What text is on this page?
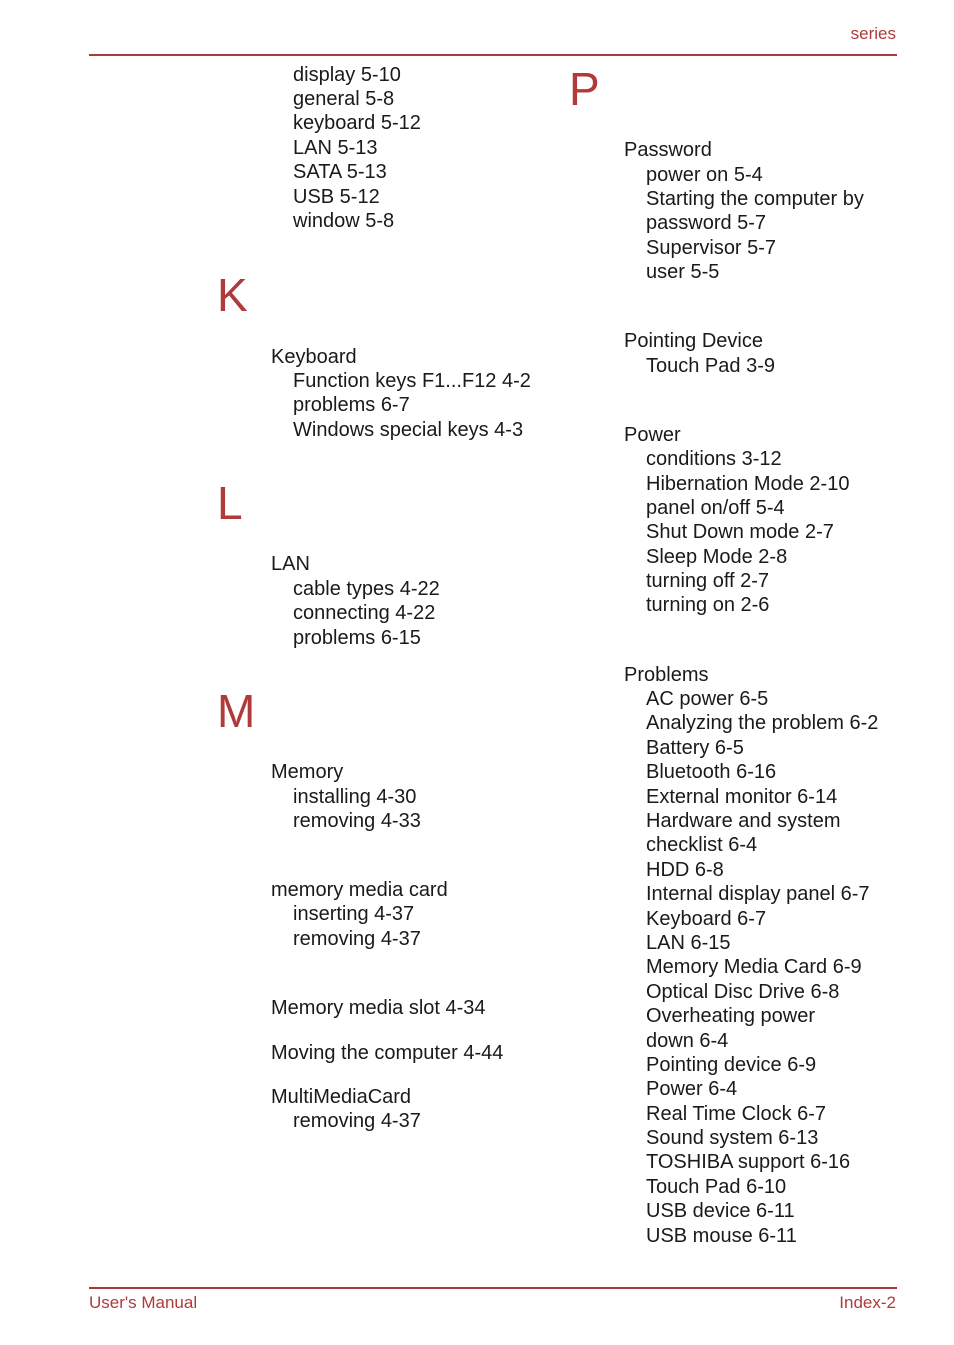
series
display 5-10
general 5-8
keyboard 5-12
LAN 5-13
SATA 5-13
USB 5-12
window 5-8
K
Keyboard
Function keys F1...F12 4-2
problems 6-7
Windows special keys 4-3
L
LAN
cable types 4-22
connecting 4-22
problems 6-15
M
Memory
installing 4-30
removing 4-33
memory media card
inserting 4-37
removing 4-37
Memory media slot 4-34
Moving the computer 4-44
MultiMediaCard
removing 4-37
P
Password
power on 5-4
Starting the computer by
password 5-7
Supervisor 5-7
user 5-5
Pointing Device
Touch Pad 3-9
Power
conditions 3-12
Hibernation Mode 2-10
panel on/off 5-4
Shut Down mode 2-7
Sleep Mode 2-8
turning off 2-7
turning on 2-6
Problems
AC power 6-5
Analyzing the problem 6-2
Battery 6-5
Bluetooth 6-16
External monitor 6-14
Hardware and system
checklist 6-4
HDD 6-8
Internal display panel 6-7
Keyboard 6-7
LAN 6-15
Memory Media Card 6-9
Optical Disc Drive 6-8
Overheating power
down 6-4
Pointing device 6-9
Power 6-4
Real Time Clock 6-7
Sound system 6-13
TOSHIBA support 6-16
Touch Pad 6-10
USB device 6-11
USB mouse 6-11
User's Manual	Index-2
